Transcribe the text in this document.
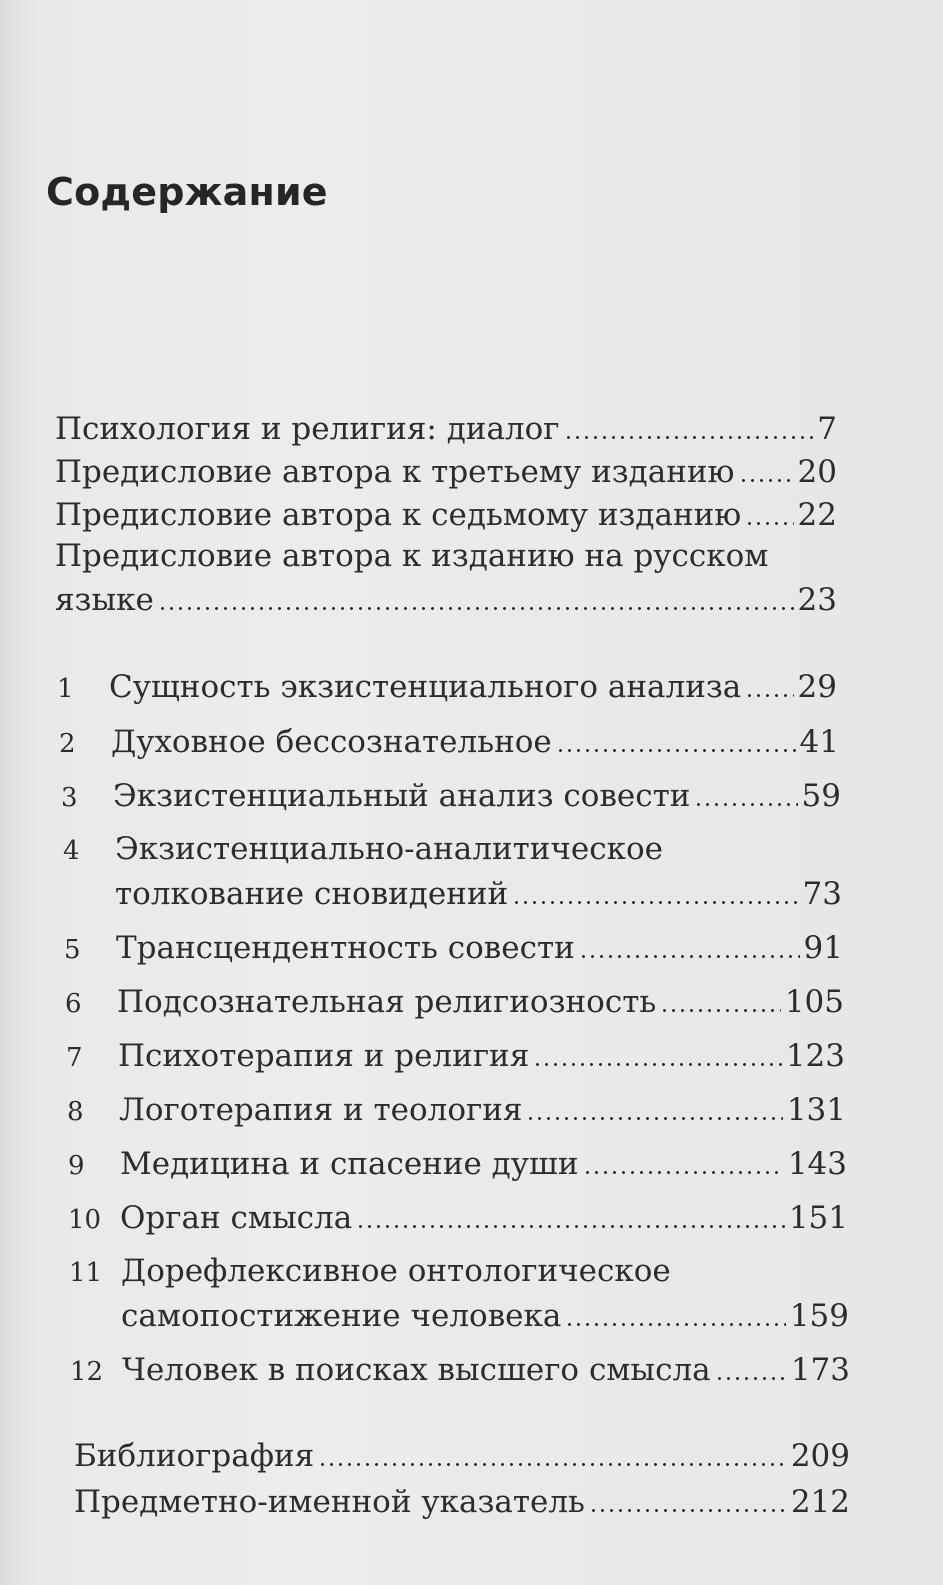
Содержание
Психология и религия: диалог	7
Предисловие автора к третьему изданию 20
Предисловие автора к седьмому изданию 22
Предисловие автора к изданию на русском
языке	23
1	Сущность экзистенциального анализа 29
2	Духовное бессознательное	41
3	Экзистенциальный анализ совести	59
4	Экзистенциально-аналитическое
толкование сновидений	73
5	Трансцендентность совести	91
6	Подсознательная религиозность	105
7	Психотерапия и религия	123
8	Логотерапия и теология	131
9	Медицина и спасение души	143
10 Орган смысла	151
11 Дорефлексивное онтологическое
самопостижение человека	159
12 Человек в поисках высшего смысла	173
Библиография	209
Предметно-именной указатель	212
